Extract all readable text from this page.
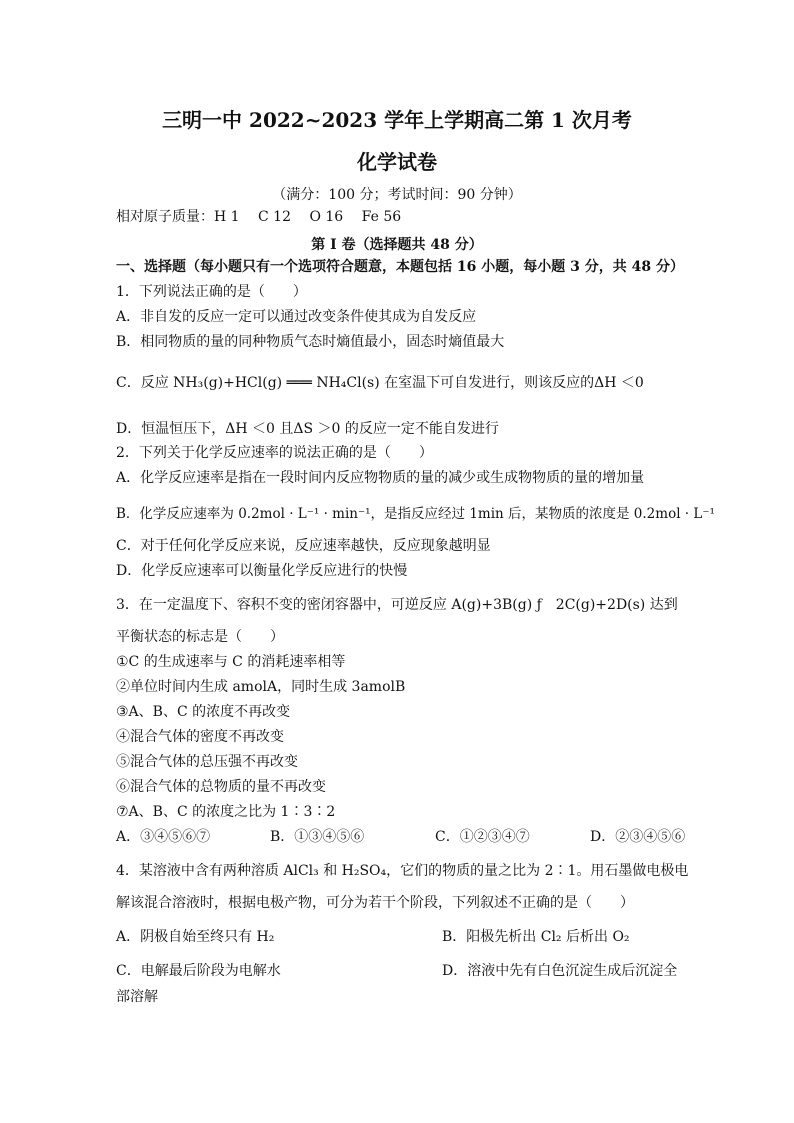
三明一中 2022~2023 学年上学期高二第 1 次月考
化学试卷
（满分：100 分；考试时间：90 分钟）
相对原子质量：H 1　 C 12　 O 16　 Fe 56
第 I 卷（选择题共 48 分）
一、选择题（每小题只有一个选项符合题意，本题包括 16 小题，每小题 3 分，共 48 分）
1．下列说法正确的是（　　）
A．非自发的反应一定可以通过改变条件使其成为自发反应
B．相同物质的量的同种物质气态时熵值最小，固态时熵值最大
C．反应 NH₃(g)+HCl(g) ═══ NH₄Cl(s) 在室温下可自发进行，则该反应的ΔH ＜0
D．恒温恒压下，ΔH ＜0 且ΔS ＞0 的反应一定不能自发进行
2．下列关于化学反应速率的说法正确的是（　　）
A．化学反应速率是指在一段时间内反应物物质的量的减少或生成物物质的量的增加量
B．化学反应速率为 0.2mol · L⁻¹ · min⁻¹，是指反应经过 1min 后，某物质的浓度是 0.2mol · L⁻¹
C．对于任何化学反应来说，反应速率越快，反应现象越明显
D．化学反应速率可以衡量化学反应进行的快慢
3．在一定温度下、容积不变的密闭容器中，可逆反应 A(g)+3B(g) ƒ　2C(g)+2D(s) 达到
平衡状态的标志是（　　）
①C 的生成速率与 C 的消耗速率相等
②单位时间内生成 amolA，同时生成 3amolB
③A、B、C 的浓度不再改变
④混合气体的密度不再改变
⑤混合气体的总压强不再改变
⑥混合气体的总物质的量不再改变
⑦A、B、C 的浓度之比为 1∶3∶2
A．③④⑤⑥⑦	B．①③④⑤⑥	C．①②③④⑦	D．②③④⑤⑥
4．某溶液中含有两种溶质 AlCl₃ 和 H₂SO₄，它们的物质的量之比为 2∶1。用石墨做电极电
解该混合溶液时，根据电极产物，可分为若干个阶段，下列叙述不正确的是（　　）
A．阴极自始至终只有 H₂	B．阳极先析出 Cl₂ 后析出 O₂
C．电解最后阶段为电解水	D．溶液中先有白色沉淀生成后沉淀全
部溶解
